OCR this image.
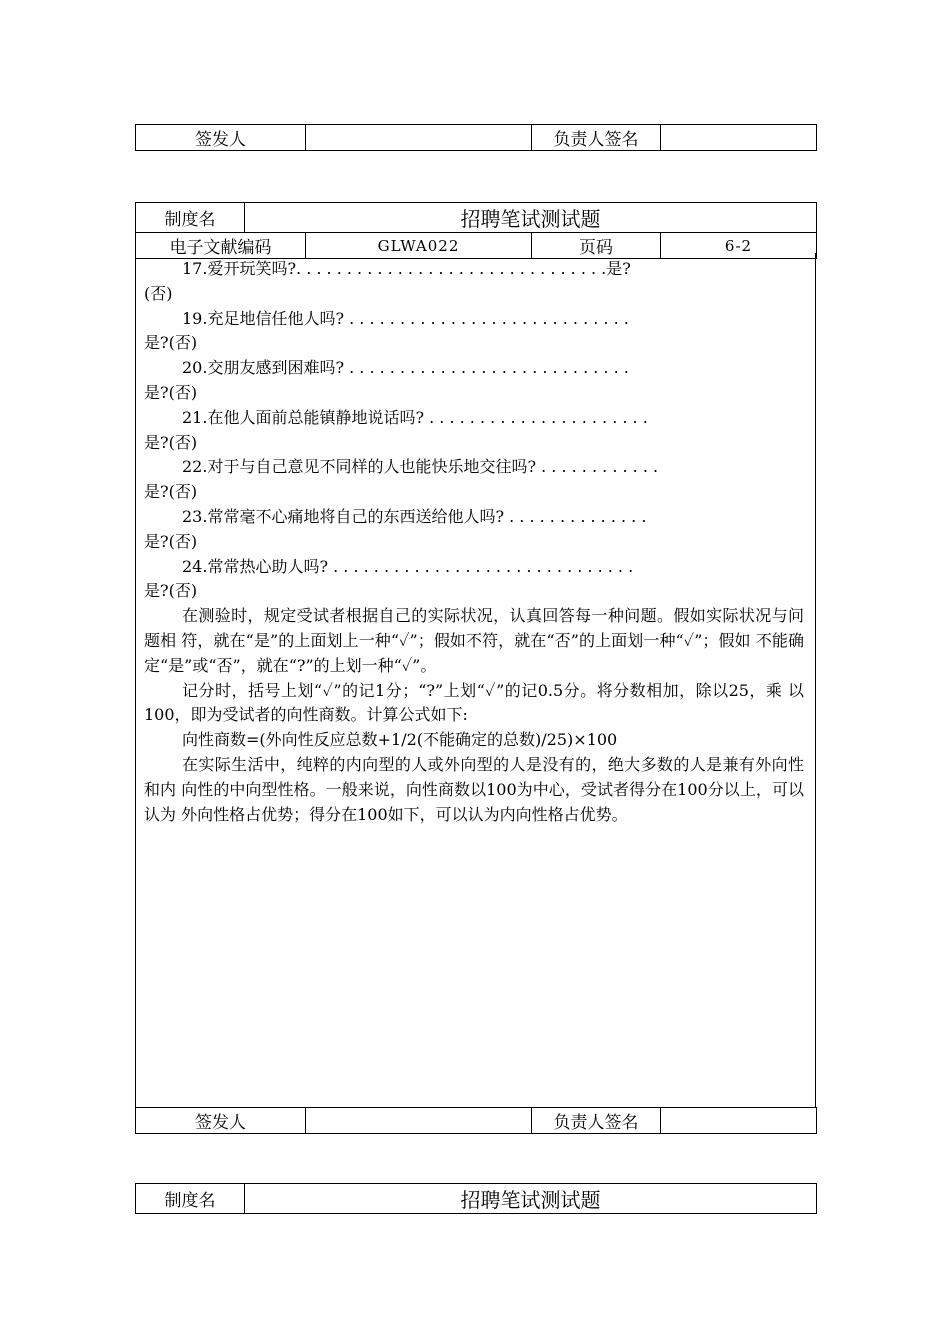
签发人		负责人签名	
制度名	招聘笔试测试题			
电子文献编码		GLWA022	页码	6-2
17.爱开玩笑吗?. . . . . . . . . . . . . . . . . . . . . . . . . . . . . . .是?
(否)
19.充足地信任他人吗? . . . . . . . . . . . . . . . . . . . . . . . . . . . .
是?(否)
20.交朋友感到困难吗? . . . . . . . . . . . . . . . . . . . . . . . . . . . .
是?(否)
21.在他人面前总能镇静地说话吗? . . . . . . . . . . . . . . . . . . . . . .
是?(否)
22.对于与自己意见不同样的人也能快乐地交往吗? . . . . . . . . . . . .
是?(否)
23.常常毫不心痛地将自己的东西送给他人吗? . . . . . . . . . . . . . .
是?(否)
24.常常热心助人吗? . . . . . . . . . . . . . . . . . . . . . . . . . . . . . .
是?(否)

在测验时，规定受试者根据自己的实际状况，认真回答每一种问题。假如实际状况与问题相 符，就在“是”的上面划上一种“✓”；假如不符，就在“否”的上面划一种“✓”；假如 不能确定“是”或“否”，就在“?”的上划一种“✓”。

记分时，括号上划“✓”的记1分；“?”上划“✓”的记0.5分。将分数相加，除以25，乘 以100，即为受试者的向性商数。计算公式如下:

向性商数=(外向性反应总数+1/2(不能确定的总数)/25)×100

在实际生活中，纯粹的内向型的人或外向型的人是没有的，绝大多数的人是兼有外向性和内 向性的中向型性格。一般来说，向性商数以100为中心，受试者得分在100分以上，可以认为 外向性格占优势；得分在100如下，可以认为内向性格占优势。

签发人		负责人签名	
制度名	招聘笔试测试题
